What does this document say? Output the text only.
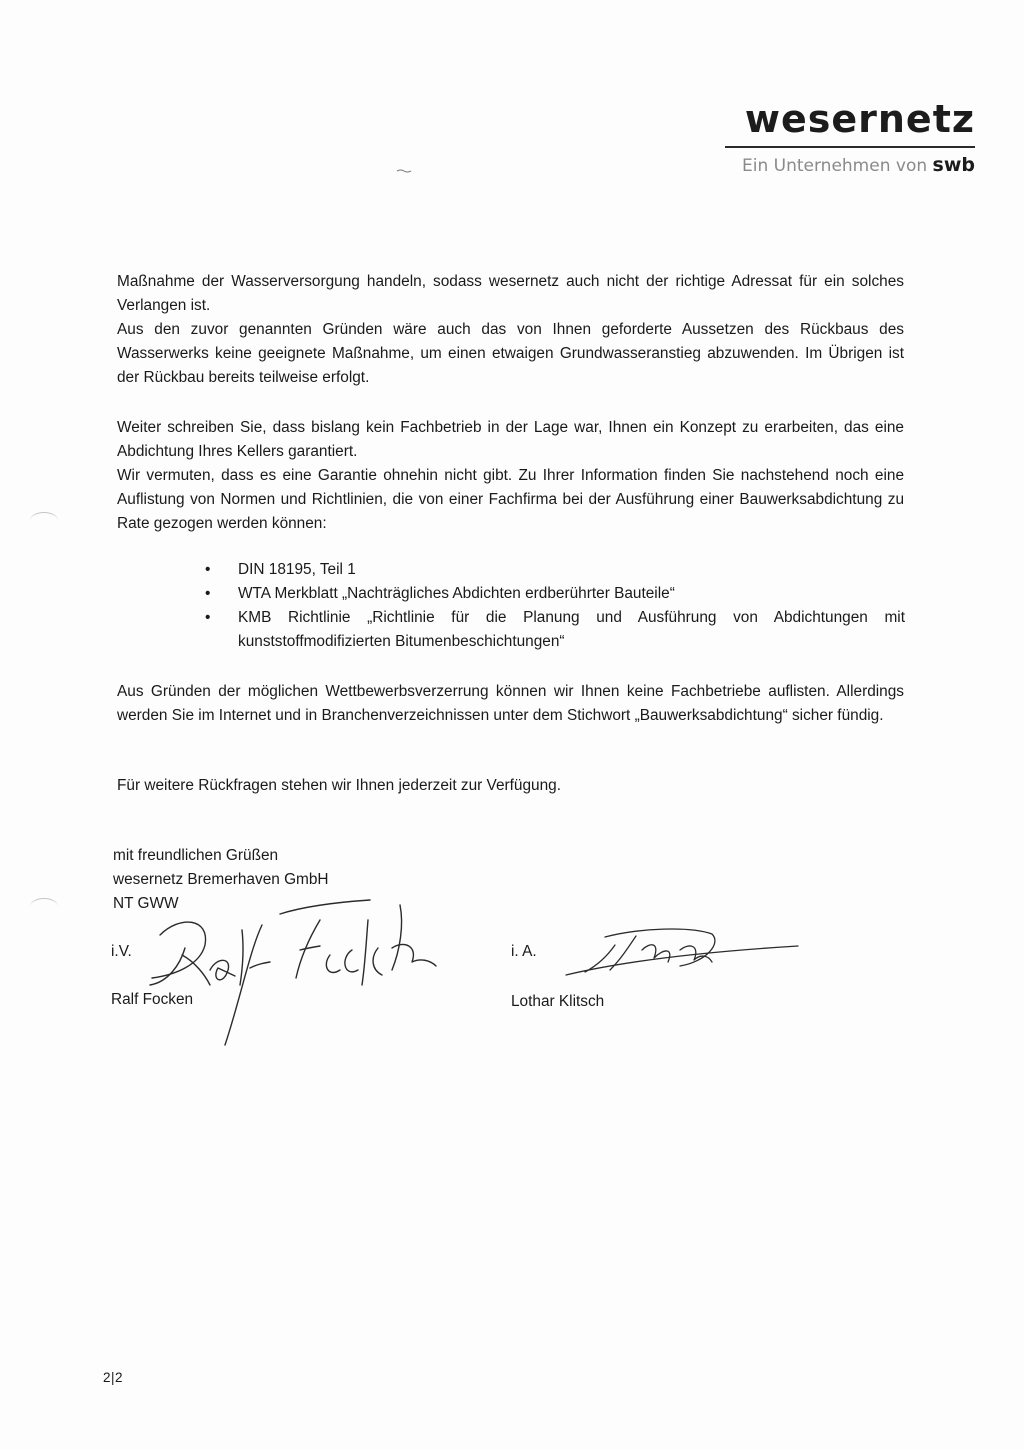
wesernetz
Ein Unternehmen von swb

Maßnahme der Wasserversorgung handeln, sodass wesernetz auch nicht der richtige Adressat für ein solches Verlangen ist.

Aus den zuvor genannten Gründen wäre auch das von Ihnen geforderte Aussetzen des Rückbaus des Wasserwerks keine geeignete Maßnahme, um einen etwaigen Grundwasseranstieg abzuwenden. Im Übrigen ist der Rückbau bereits teilweise erfolgt.

Weiter schreiben Sie, dass bislang kein Fachbetrieb in der Lage war, Ihnen ein Konzept zu erarbeiten, das eine Abdichtung Ihres Kellers garantiert.

Wir vermuten, dass es eine Garantie ohnehin nicht gibt. Zu Ihrer Information finden Sie nachstehend noch eine Auflistung von Normen und Richtlinien, die von einer Fachfirma bei der Ausführung einer Bauwerksabdichtung zu Rate gezogen werden können:

• DIN 18195, Teil 1
• WTA Merkblatt „Nachträgliches Abdichten erdberührter Bauteile“
• KMB Richtlinie „Richtlinie für die Planung und Ausführung von Abdichtungen mit kunststoffmodifizierten Bitumenbeschichtungen“
Aus Gründen der möglichen Wettbewerbsverzerrung können wir Ihnen keine Fachbetriebe auflisten. Allerdings werden Sie im Internet und in Branchenverzeichnissen unter dem Stichwort „Bauwerksabdichtung“ sicher fündig.
Für weitere Rückfragen stehen wir Ihnen jederzeit zur Verfügung.
mit freundlichen Grüßen
wesernetz Bremerhaven GmbH
NT GWW
i.V.
Ralf Focken
i. A.
Lothar Klitsch
2|2
